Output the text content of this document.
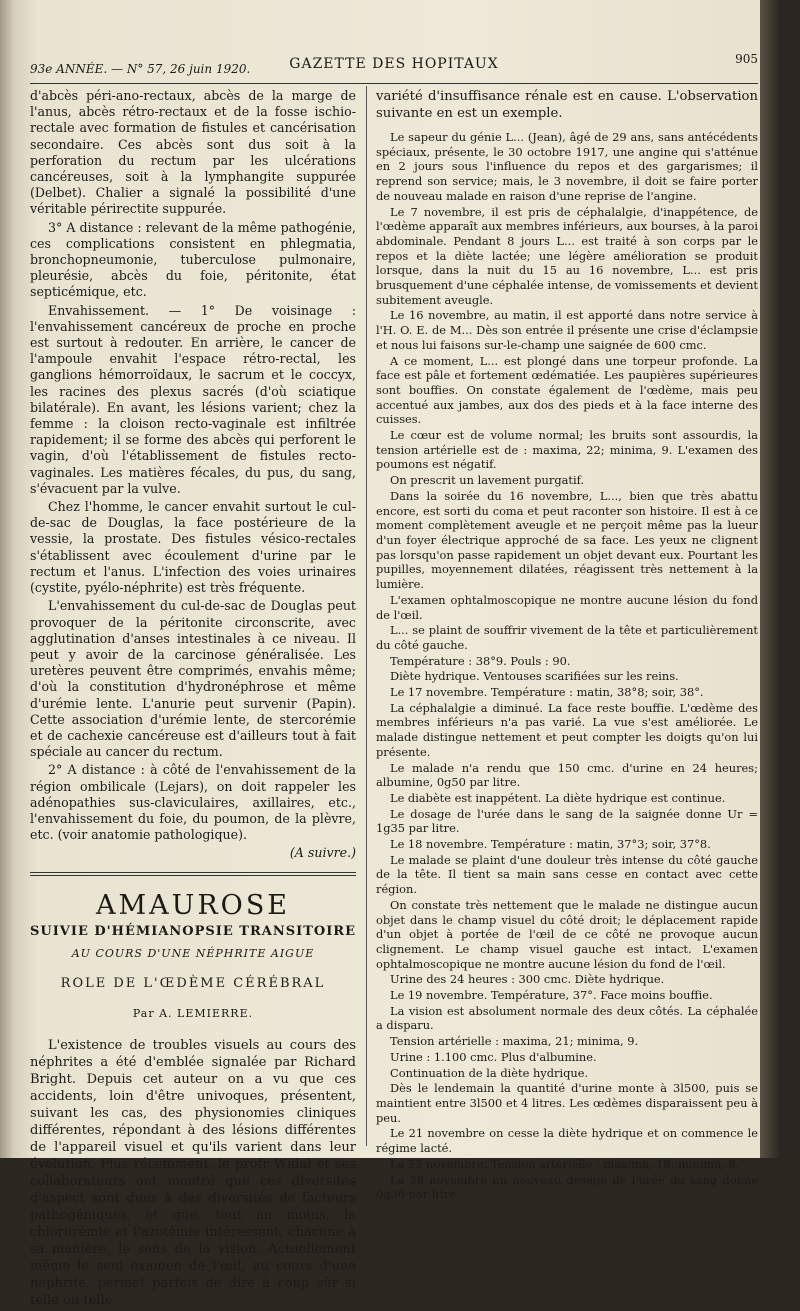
93e ANNÉE. — N° 57, 26 juin 1920.	GAZETTE DES HOPITAUX	905

d'abcès péri-ano-rectaux, abcès de la marge de l'anus, abcès rétro-rectaux et de la fosse ischio-rectale avec formation de fistules et cancérisation secondaire. Ces abcès sont dus soit à la perforation du rectum par les ulcérations cancéreuses, soit à la lymphangite suppurée (Delbet). Chalier a signalé la possibilité d'une véritable périrectite suppurée.

3° A distance : relevant de la même pathogénie, ces complications consistent en phlegmatia, bronchopneumonie, tuberculose pulmonaire, pleurésie, abcès du foie, péritonite, état septicémique, etc.

Envahissement. — 1° De voisinage : l'envahissement cancéreux de proche en proche est surtout à redouter. En arrière, le cancer de l'ampoule envahit l'espace rétro-rectal, les ganglions hémorroïdaux, le sacrum et le coccyx, les racines des plexus sacrés (d'où sciatique bilatérale). En avant, les lésions varient; chez la femme : la cloison recto-vaginale est infiltrée rapidement; il se forme des abcès qui perforent le vagin, d'où l'établissement de fistules recto-vaginales. Les matières fécales, du pus, du sang, s'évacuent par la vulve.

Chez l'homme, le cancer envahit surtout le cul-de-sac de Douglas, la face postérieure de la vessie, la prostate. Des fistules vésico-rectales s'établissent avec écoulement d'urine par le rectum et l'anus. L'infection des voies urinaires (cystite, pyélo-néphrite) est très fréquente.

L'envahissement du cul-de-sac de Douglas peut provoquer de la péritonite circonscrite, avec agglutination d'anses intestinales à ce niveau. Il peut y avoir de la carcinose généralisée. Les uretères peuvent être comprimés, envahis même; d'où la constitution d'hydronéphrose et même d'urémie lente. L'anurie peut survenir (Papin). Cette association d'urémie lente, de stercorémie et de cachexie cancéreuse est d'ailleurs tout à fait spéciale au cancer du rectum.

2° A distance : à côté de l'envahissement de la région ombilicale (Lejars), on doit rappeler les adénopathies sus-claviculaires, axillaires, etc., l'envahissement du foie, du poumon, de la plèvre, etc. (voir anatomie pathologique).

(A suivre.)

AMAUROSE
SUIVIE D'HÉMIANOPSIE TRANSITOIRE
AU COURS D'UNE NÉPHRITE AIGUE
ROLE DE L'ŒDÈME CÉRÉBRAL
Par A. LEMIERRE.

L'existence de troubles visuels au cours des néphrites a été d'emblée signalée par Richard Bright. Depuis cet auteur on a vu que ces accidents, loin d'être univoques, présentent, suivant les cas, des physionomies cliniques différentes, répondant à des lésions différentes de l'appareil visuel et qu'ils varient dans leur évolution. Plus récemment, le profr Widal et ses collaborateurs ont montré que ces diversités d'aspect sont dues à des diversités de facteurs pathogéniques, et que, tout au moins, la chlorurémie et l'azotémie intéressent, chacune à sa manière, le sens de la vision. Actuellement même le seul examen de l'œil, au cours d'une néphrite, permet parfois de dire à coup sûr si telle ou telle

variété d'insuffisance rénale est en cause. L'observation suivante en est un exemple.

Le sapeur du génie L... (Jean), âgé de 29 ans, sans antécédents spéciaux, présente, le 30 octobre 1917, une angine qui s'atténue en 2 jours sous l'influence du repos et des gargarismes; il reprend son service; mais, le 3 novembre, il doit se faire porter de nouveau malade en raison d'une reprise de l'angine.

Le 7 novembre, il est pris de céphalalgie, d'inappétence, de l'œdème apparaît aux membres inférieurs, aux bourses, à la paroi abdominale. Pendant 8 jours L... est traité à son corps par le repos et la diète lactée; une légère amélioration se produit lorsque, dans la nuit du 15 au 16 novembre, L... est pris brusquement d'une céphalée intense, de vomissements et devient subitement aveugle.

Le 16 novembre, au matin, il est apporté dans notre service à l'H. O. E. de M... Dès son entrée il présente une crise d'éclampsie et nous lui faisons sur-le-champ une saignée de 600 cmc.

A ce moment, L... est plongé dans une torpeur profonde. La face est pâle et fortement œdématiée. Les paupières supérieures sont bouffies. On constate également de l'œdème, mais peu accentué aux jambes, aux dos des pieds et à la face interne des cuisses.

Le cœur est de volume normal; les bruits sont assourdis, la tension artérielle est de : maxima, 22; minima, 9. L'examen des poumons est négatif.

On prescrit un lavement purgatif.

Dans la soirée du 16 novembre, L..., bien que très abattu encore, est sorti du coma et peut raconter son histoire. Il est à ce moment complètement aveugle et ne perçoit même pas la lueur d'un foyer électrique approché de sa face. Les yeux ne clignent pas lorsqu'on passe rapidement un objet devant eux. Pourtant les pupilles, moyennement dilatées, réagissent très nettement à la lumière.

L'examen ophtalmoscopique ne montre aucune lésion du fond de l'œil.

L... se plaint de souffrir vivement de la tête et particulièrement du côté gauche.

Température : 38°9. Pouls : 90.

Diète hydrique. Ventouses scarifiées sur les reins.

Le 17 novembre. Température : matin, 38°8; soir, 38°.

La céphalalgie a diminué. La face reste bouffie. L'œdème des membres inférieurs n'a pas varié. La vue s'est améliorée. Le malade distingue nettement et peut compter les doigts qu'on lui présente.

Le malade n'a rendu que 150 cmc. d'urine en 24 heures; albumine, 0g50 par litre.

Le diabète est inappétent. La diète hydrique est continue.

Le dosage de l'urée dans le sang de la saignée donne Ur = 1g35 par litre.

Le 18 novembre. Température : matin, 37°3; soir, 37°8.

Le malade se plaint d'une douleur très intense du côté gauche de la tête. Il tient sa main sans cesse en contact avec cette région.

On constate très nettement que le malade ne distingue aucun objet dans le champ visuel du côté droit; le déplacement rapide d'un objet à portée de l'œil de ce côté ne provoque aucun clignement. Le champ visuel gauche est intact. L'examen ophtalmoscopique ne montre aucune lésion du fond de l'œil.

Urine des 24 heures : 300 cmc. Diète hydrique.

Le 19 novembre. Température, 37°. Face moins bouffie.

La vision est absolument normale des deux côtés. La céphalée a disparu.

Tension artérielle : maxima, 21; minima, 9.

Urine : 1.100 cmc. Plus d'albumine.

Continuation de la diète hydrique.

Dès le lendemain la quantité d'urine monte à 3l500, puis se maintient entre 3l500 et 4 litres. Les œdèmes disparaissent peu à peu.

Le 21 novembre on cesse la diète hydrique et on commence le régime lacté.

Le 22 novembre. Tension artérielle : maxima, 18; minima, 8.

Le 28 novembre un nouveau dosage de l'urée du sang donne 0g36 par litre.
